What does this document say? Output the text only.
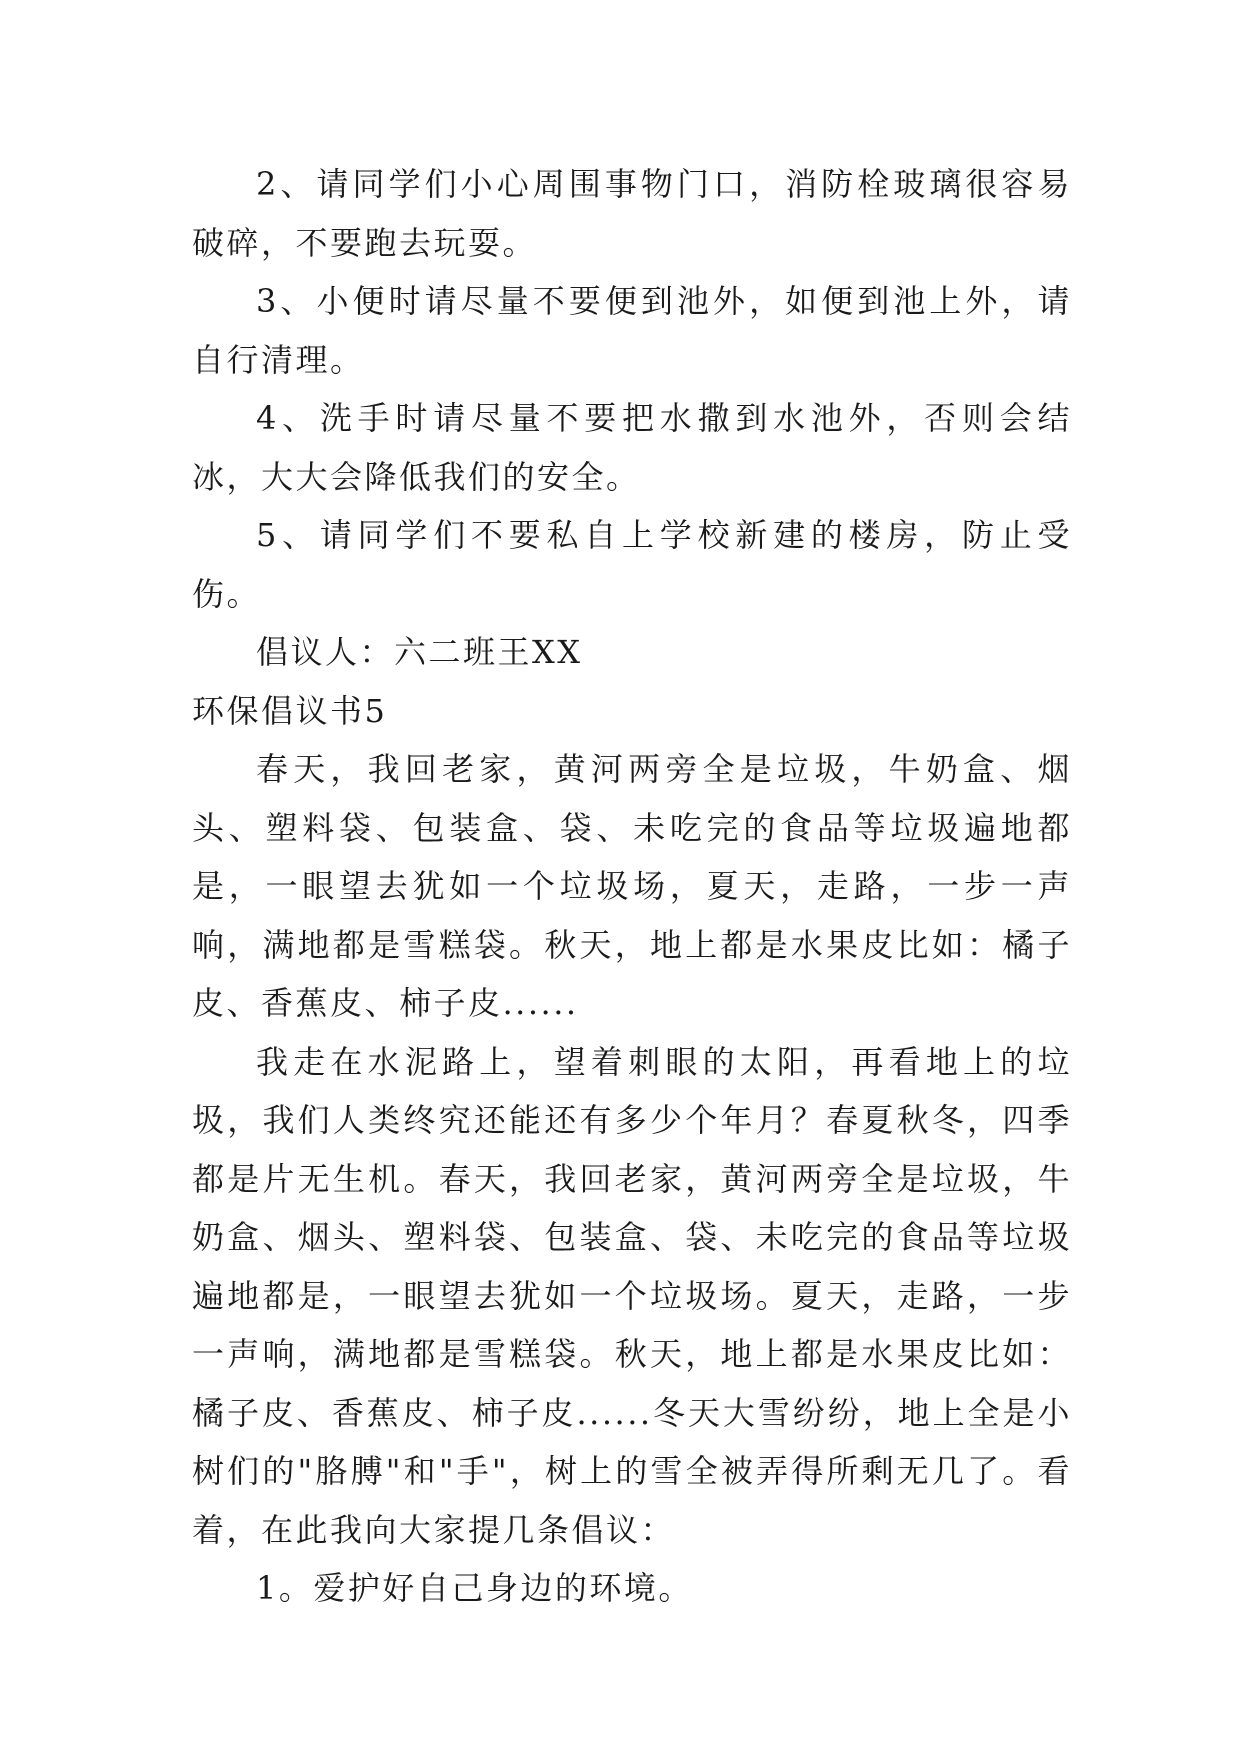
2、请同学们小心周围事物门口，消防栓玻璃很容易破碎，不要跑去玩耍。

3、小便时请尽量不要便到池外，如便到池上外，请自行清理。

4、洗手时请尽量不要把水撒到水池外，否则会结冰，大大会降低我们的安全。

5、请同学们不要私自上学校新建的楼房，防止受伤。

倡议人：六二班王XX

环保倡议书5

春天，我回老家，黄河两旁全是垃圾，牛奶盒、烟头、塑料袋、包装盒、袋、未吃完的食品等垃圾遍地都是，一眼望去犹如一个垃圾场，夏天，走路，一步一声响，满地都是雪糕袋。秋天，地上都是水果皮比如：橘子皮、香蕉皮、柿子皮......

我走在水泥路上，望着刺眼的太阳，再看地上的垃圾，我们人类终究还能还有多少个年月？春夏秋冬，四季都是片无生机。春天，我回老家，黄河两旁全是垃圾，牛奶盒、烟头、塑料袋、包装盒、袋、未吃完的食品等垃圾遍地都是，一眼望去犹如一个垃圾场。夏天，走路，一步一声响，满地都是雪糕袋。秋天，地上都是水果皮比如：橘子皮、香蕉皮、柿子皮......冬天大雪纷纷，地上全是小树们的"胳膊"和"手"，树上的雪全被弄得所剩无几了。看着，在此我向大家提几条倡议：

1。爱护好自己身边的环境。
